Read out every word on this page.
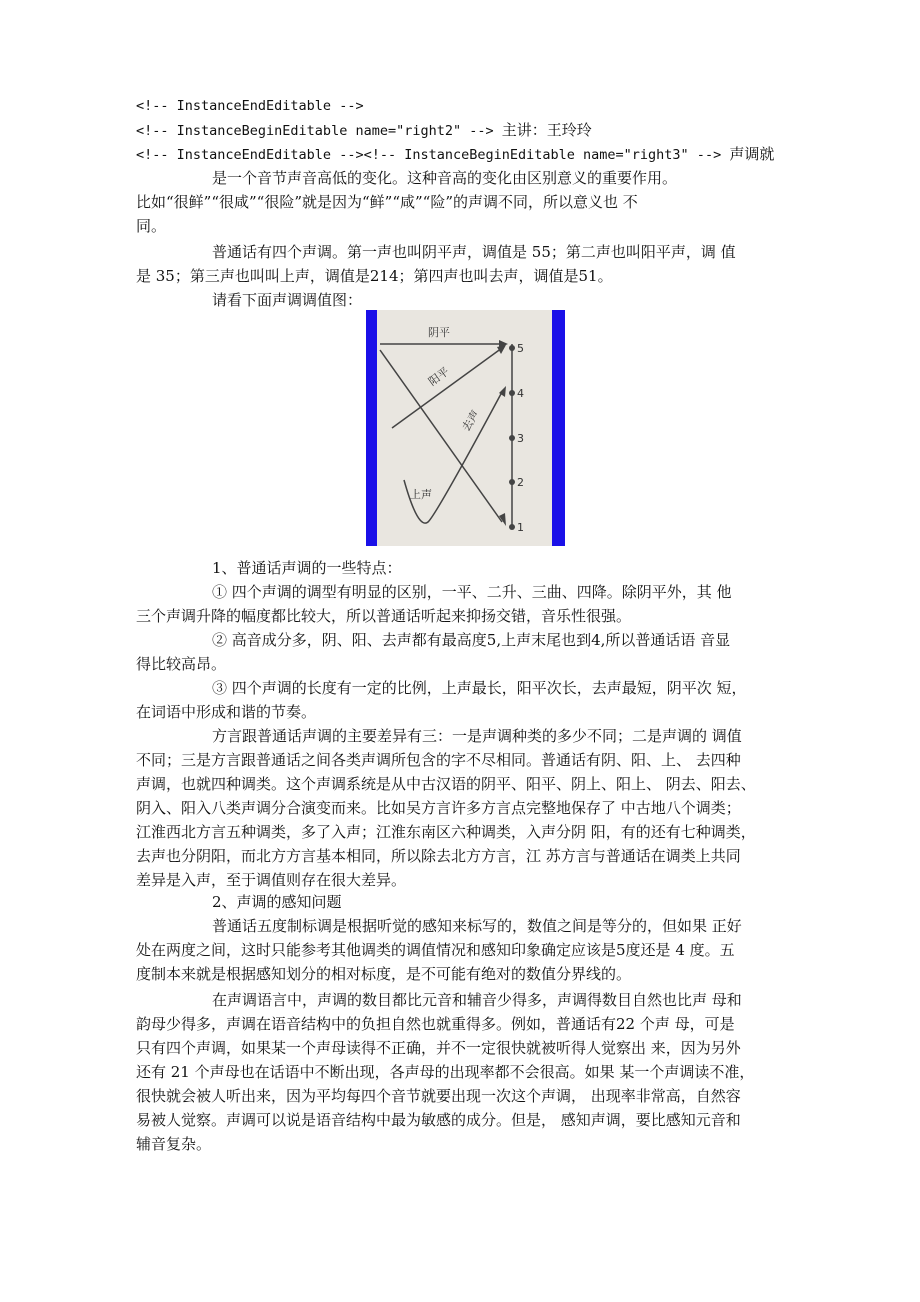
<!-- InstanceEndEditable -->

<!-- InstanceBeginEditable name="right2" --> 主讲：王玲玲

<!-- InstanceEndEditable --><!-- InstanceBeginEditable name="right3" --> 声调就

是一个音节声音高低的变化。这种音高的变化由区别意义的重要作用。

比如“很鲜”“很咸”“很险”就是因为“鲜”“咸”“险”的声调不同，所以意义也 不

同。

普通话有四个声调。第一声也叫阴平声，调值是 55；第二声也叫阳平声，调 值

是 35；第三声也叫叫上声，调值是214；第四声也叫去声，调值是51。

请看下面声调调值图：

5
4
3
2
1
阴平
阳平
上声
去声

1、普通话声调的一些特点：

① 四个声调的调型有明显的区别，一平、二升、三曲、四降。除阴平外，其 他

三个声调升降的幅度都比较大，所以普通话听起来抑扬交错，音乐性很强。

② 高音成分多，阴、阳、去声都有最高度5,上声末尾也到4,所以普通话语 音显

得比较高昂。

③ 四个声调的长度有一定的比例，上声最长，阳平次长，去声最短，阴平次 短，

在词语中形成和谐的节奏。

方言跟普通话声调的主要差异有三：一是声调种类的多少不同；二是声调的 调值

不同；三是方言跟普通话之间各类声调所包含的字不尽相同。普通话有阴、阳、上、 去四种

声调，也就四种调类。这个声调系统是从中古汉语的阴平、阳平、阴上、阳上、 阴去、阳去、

阴入、阳入八类声调分合演变而来。比如吴方言许多方言点完整地保存了 中古地八个调类；

江淮西北方言五种调类，多了入声；江淮东南区六种调类，入声分阴 阳，有的还有七种调类，

去声也分阴阳，而北方方言基本相同，所以除去北方方言，江 苏方言与普通话在调类上共同

差异是入声，至于调值则存在很大差异。

2、声调的感知问题

普通话五度制标调是根据听觉的感知来标写的，数值之间是等分的，但如果 正好

处在两度之间，这时只能参考其他调类的调值情况和感知印象确定应该是5度还是 4 度。五

度制本来就是根据感知划分的相对标度，是不可能有绝对的数值分界线的。

在声调语言中，声调的数目都比元音和辅音少得多，声调得数目自然也比声 母和

韵母少得多，声调在语音结构中的负担自然也就重得多。例如，普通话有22 个声 母，可是

只有四个声调，如果某一个声母读得不正确，并不一定很快就被听得人觉察出 来，因为另外

还有 21 个声母也在话语中不断出现，各声母的出现率都不会很高。如果 某一个声调读不准，

很快就会被人听出来，因为平均每四个音节就要出现一次这个声调， 出现率非常高，自然容

易被人觉察。声调可以说是语音结构中最为敏感的成分。但是， 感知声调，要比感知元音和

辅音复杂。
